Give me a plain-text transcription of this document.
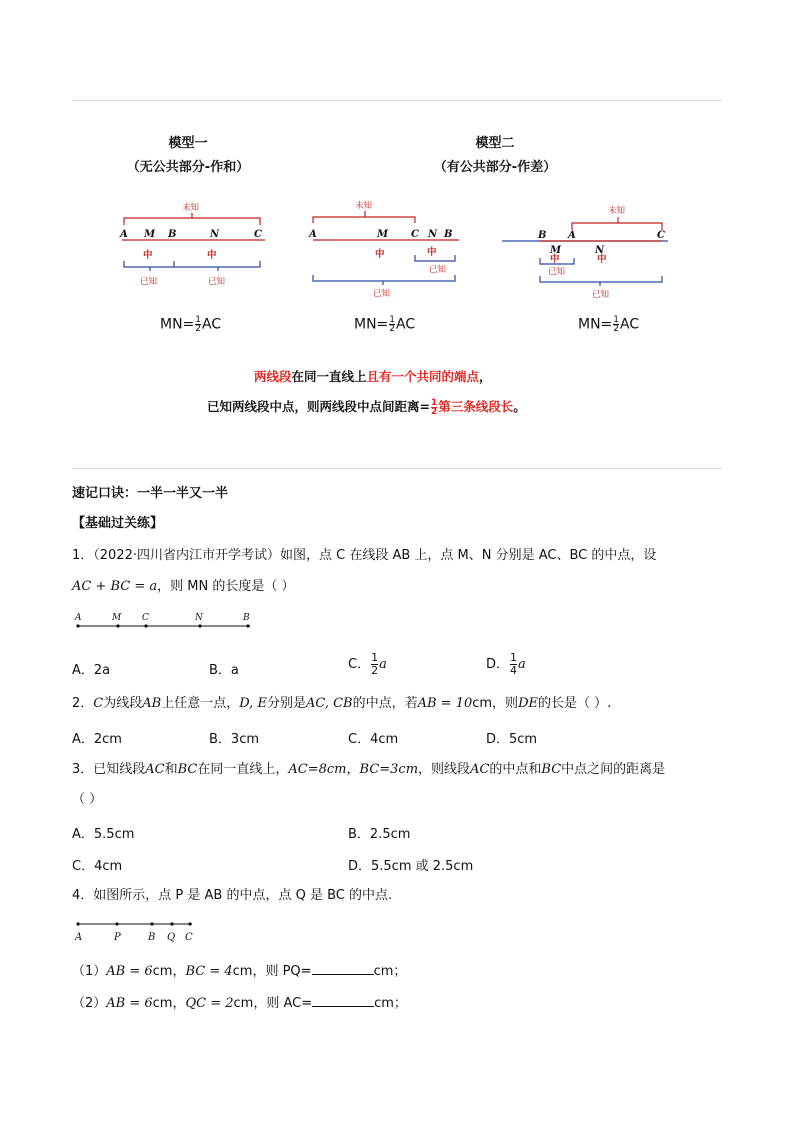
模型一
（无公共部分-作和）
模型二
（有公共部分-作差）
未知
A M B	N	C
中	中
已知	已知
未知
A	M C N B
中	中
已知
已知
未知
B
M
A
N
C
中	中
已知
已知
$MN= \frac{1}{2}$ AC	$MN= \frac{1}{2}$ AC	$MN= \frac{1}{2}$ AC
两线段在同一直线上且有一个共同的端点，
已知两线段中点，则两线段中点间距离= $\frac{1}{2}$ 第三条线段长。
速记口诀：一半一半又一半
【基础过关练】
1．（2022·四川省内江市开学考试）如图，点 C 在线段 AB 上，点 M、N 分别是 AC、BC 的中点，设
AC + BC = a，则 MN 的长度是（ ）
A	M C	N	B
A．2a	B．a	C． $\frac{1}{2}$ a	D． $\frac{1}{4}$ a
2．C为线段AB上任意一点，D, E分别是AC, CB的中点，若AB = 10cm，则DE的长是（ ）.
A．2cm	B．3cm	C．4cm	D．5cm
3．已知线段AC和BC在同一直线上，AC=8cm，BC=3cm，则线段AC的中点和BC中点之间的距离是
（ ）
A．5.5cm	B．2.5cm
C．4cm	D．5.5cm 或 2.5cm
4．如图所示，点 P 是 AB 的中点，点 Q 是 BC 的中点.
A	P	B Q C
（1）AB = 6cm，BC = 4cm，则 PQ=	cm；
（2）AB = 6cm，QC = 2cm，则 AC=	cm；
